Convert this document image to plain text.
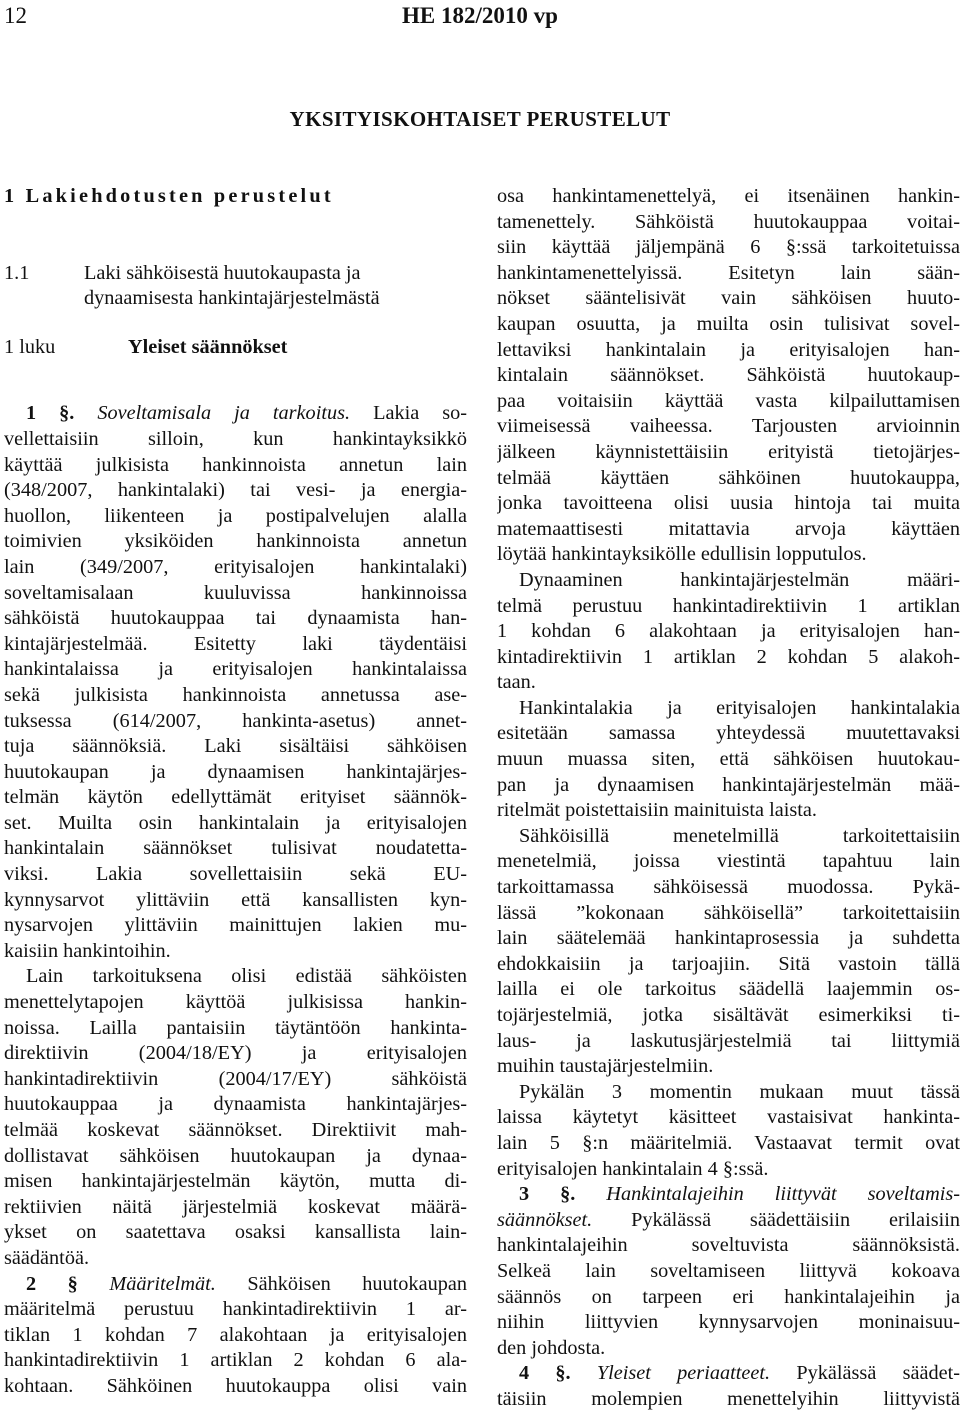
12	HE 182/2010 vp
YKSITYISKOHTAISET PERUSTELUT
1 Lakiehdotusten perustelut
1.1	Laki sähköisestä huutokaupasta ja
dynaamisesta hankintajärjestelmästä
1 luku	Yleiset säännökset
1 §. Soveltamisala ja tarkoitus. Lakia so-
vellettaisiin silloin, kun hankintayksikkö
käyttää julkisista hankinnoista annetun lain
(348/2007, hankintalaki) tai vesi- ja energia-
huollon, liikenteen ja postipalvelujen alalla
toimivien yksiköiden hankinnoista annetun
lain (349/2007, erityisalojen hankintalaki)
soveltamisalaan kuuluvissa hankinnoissa
sähköistä huutokauppaa tai dynaamista han-
kintajärjestelmää. Esitetty laki täydentäisi
hankintalaissa ja erityisalojen hankintalaissa
sekä julkisista hankinnoista annetussa ase-
tuksessa (614/2007, hankinta-asetus) annet-
tuja säännöksiä. Laki sisältäisi sähköisen
huutokaupan ja dynaamisen hankintajärjes-
telmän käytön edellyttämät erityiset säännök-
set. Muilta osin hankintalain ja erityisalojen
hankintalain säännökset tulisivat noudatetta-
viksi. Lakia sovellettaisiin sekä EU-
kynnysarvot ylittäviin että kansallisten kyn-
nysarvojen ylittäviin mainittujen lakien mu-
kaisiin hankintoihin.
Lain tarkoituksena olisi edistää sähköisten
menettelytapojen käyttöä julkisissa hankin-
noissa. Lailla pantaisiin täytäntöön hankinta-
direktiivin (2004/18/EY) ja erityisalojen
hankintadirektiivin (2004/17/EY) sähköistä
huutokauppaa ja dynaamista hankintajärjes-
telmää koskevat säännökset. Direktiivit mah-
dollistavat sähköisen huutokaupan ja dynaa-
misen hankintajärjestelmän käytön, mutta di-
rektiivien näitä järjestelmiä koskevat määrä-
ykset on saatettava osaksi kansallista lain-
säädäntöä.
2 § Määritelmät. Sähköisen huutokaupan
määritelmä perustuu hankintadirektiivin 1 ar-
tiklan 1 kohdan 7 alakohtaan ja erityisalojen
hankintadirektiivin 1 artiklan 2 kohdan 6 ala-
kohtaan. Sähköinen huutokauppa olisi vain
osa hankintamenettelyä, ei itsenäinen hankin-
tamenettely. Sähköistä huutokauppaa voitai-
siin käyttää jäljempänä 6 §:ssä tarkoitetuissa
hankintamenettelyissä. Esitetyn lain sään-
nökset sääntelisivät vain sähköisen huuto-
kaupan osuutta, ja muilta osin tulisivat sovel-
lettaviksi hankintalain ja erityisalojen han-
kintalain säännökset. Sähköistä huutokaup-
paa voitaisiin käyttää vasta kilpailuttamisen
viimeisessä vaiheessa. Tarjousten arvioinnin
jälkeen käynnistettäisiin erityistä tietojärjes-
telmää käyttäen sähköinen huutokauppa,
jonka tavoitteena olisi uusia hintoja tai muita
matemaattisesti mitattavia arvoja käyttäen
löytää hankintayksikölle edullisin lopputulos.
Dynaaminen hankintajärjestelmän määri-
telmä perustuu hankintadirektiivin 1 artiklan
1 kohdan 6 alakohtaan ja erityisalojen han-
kintadirektiivin 1 artiklan 2 kohdan 5 alakoh-
taan.
Hankintalakia ja erityisalojen hankintalakia
esitetään samassa yhteydessä muutettavaksi
muun muassa siten, että sähköisen huutokau-
pan ja dynaamisen hankintajärjestelmän mää-
ritelmät poistettaisiin mainituista laista.
Sähköisillä menetelmillä tarkoitettaisiin
menetelmiä, joissa viestintä tapahtuu lain
tarkoittamassa sähköisessä muodossa. Pykä-
lässä ”kokonaan sähköisellä” tarkoitettaisiin
lain säätelemää hankintaprosessia ja suhdetta
ehdokkaisiin ja tarjoajiin. Sitä vastoin tällä
lailla ei ole tarkoitus säädellä laajemmin os-
tojärjestelmiä, jotka sisältävät esimerkiksi ti-
laus- ja laskutusjärjestelmiä tai liittymiä
muihin taustajärjestelmiin.
Pykälän 3 momentin mukaan muut tässä
laissa käytetyt käsitteet vastaisivat hankinta-
lain 5 §:n määritelmiä. Vastaavat termit ovat
erityisalojen hankintalain 4 §:ssä.
3 §. Hankintalajeihin liittyvät soveltamis-
säännökset. Pykälässä säädettäisiin erilaisiin
hankintalajeihin soveltuvista säännöksistä.
Selkeä lain soveltamiseen liittyvä kokoava
säännös on tarpeen eri hankintalajeihin ja
niihin liittyvien kynnysarvojen moninaisuu-
den johdosta.
4 §. Yleiset periaatteet. Pykälässä säädet-
täisiin molempien menettelyihin liittyvistä
